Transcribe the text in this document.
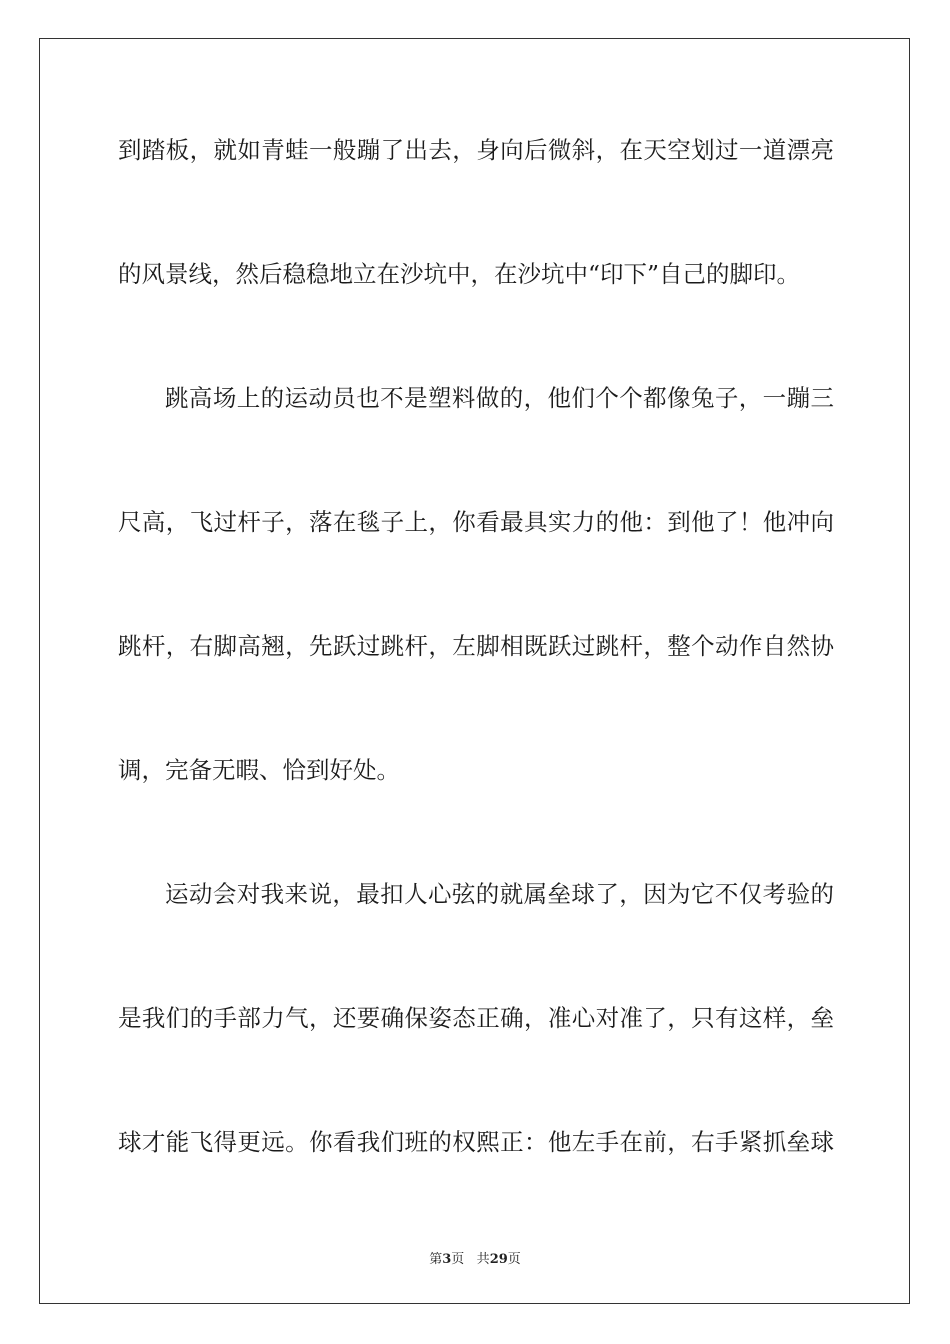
到踏板，就如青蛙一般蹦了出去，身向后微斜，在天空划过一道漂亮
的风景线，然后稳稳地立在沙坑中，在沙坑中“印下”自己的脚印。
跳高场上的运动员也不是塑料做的，他们个个都像兔子，一蹦三
尺高，飞过杆子，落在毯子上，你看最具实力的他：到他了！他冲向
跳杆，右脚高翘，先跃过跳杆，左脚相既跃过跳杆，整个动作自然协
调，完备无暇、恰到好处。
运动会对我来说，最扣人心弦的就属垒球了，因为它不仅考验的
是我们的手部力气，还要确保姿态正确，准心对准了，只有这样，垒
球才能飞得更远。你看我们班的权熙正：他左手在前，右手紧抓垒球
第3页 共29页
